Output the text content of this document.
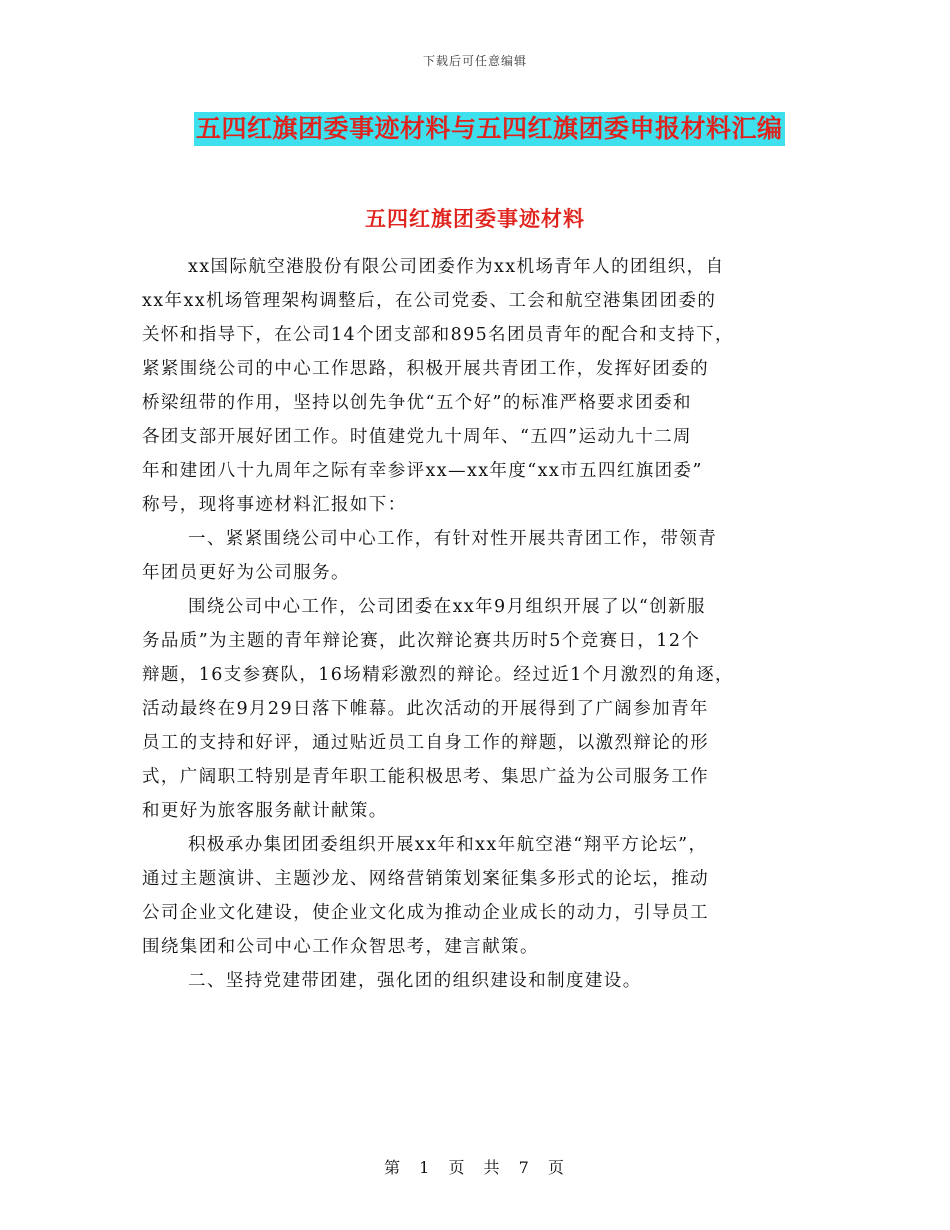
下载后可任意编辑
五四红旗团委事迹材料与五四红旗团委申报材料汇编
五四红旗团委事迹材料

xx国际航空港股份有限公司团委作为xx机场青年人的团组织，自
xx年xx机场管理架构调整后，在公司党委、工会和航空港集团团委的
关怀和指导下，在公司14个团支部和895名团员青年的配合和支持下，
紧紧围绕公司的中心工作思路，积极开展共青团工作，发挥好团委的
桥梁纽带的作用，坚持以创先争优“五个好”的标准严格要求团委和
各团支部开展好团工作。时值建党九十周年、“五四”运动九十二周
年和建团八十九周年之际有幸参评xx—xx年度“xx市五四红旗团委”
称号，现将事迹材料汇报如下：

一、紧紧围绕公司中心工作，有针对性开展共青团工作，带领青
年团员更好为公司服务。

围绕公司中心工作，公司团委在xx年9月组织开展了以“创新服
务品质”为主题的青年辩论赛，此次辩论赛共历时5个竞赛日，12个
辩题，16支参赛队，16场精彩激烈的辩论。经过近1个月激烈的角逐，
活动最终在9月29日落下帷幕。此次活动的开展得到了广阔参加青年
员工的支持和好评，通过贴近员工自身工作的辩题，以激烈辩论的形
式，广阔职工特别是青年职工能积极思考、集思广益为公司服务工作
和更好为旅客服务献计献策。

积极承办集团团委组织开展xx年和xx年航空港“翔平方论坛”，
通过主题演讲、主题沙龙、网络营销策划案征集多形式的论坛，推动
公司企业文化建设，使企业文化成为推动企业成长的动力，引导员工
围绕集团和公司中心工作众智思考，建言献策。

二、坚持党建带团建，强化团的组织建设和制度建设。

第 1 页 共 7 页
